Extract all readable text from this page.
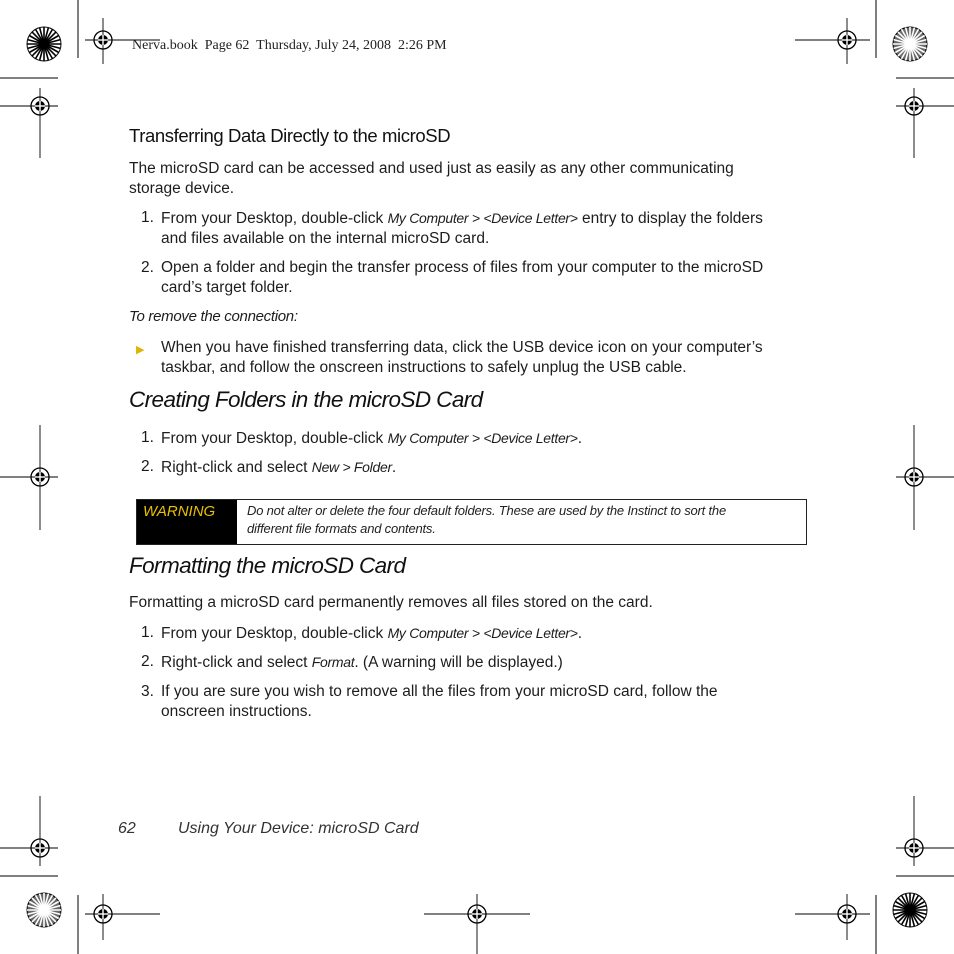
Nerva.book Page 62 Thursday, July 24, 2008 2:26 PM
Transferring Data Directly to the microSD
The microSD card can be accessed and used just as easily as any other communicating
storage device.
1. From your Desktop, double-click My Computer > <Device Letter> entry to display the folders
and files available on the internal microSD card.
2. Open a folder and begin the transfer process of files from your computer to the microSD
card’s target folder.
To remove the connection:
▶ When you have finished transferring data, click the USB device icon on your computer’s
taskbar, and follow the onscreen instructions to safely unplug the USB cable.
Creating Folders in the microSD Card
1. From your Desktop, double-click My Computer > <Device Letter>.
2. Right-click and select New > Folder.
WARNING	Do not alter or delete the four default folders. These are used by the Instinct to sort the
different file formats and contents.
Formatting the microSD Card
Formatting a microSD card permanently removes all files stored on the card.
1. From your Desktop, double-click My Computer > <Device Letter>.
2. Right-click and select Format. (A warning will be displayed.)
3. If you are sure you wish to remove all the files from your microSD card, follow the
onscreen instructions.
62	Using Your Device: microSD Card
